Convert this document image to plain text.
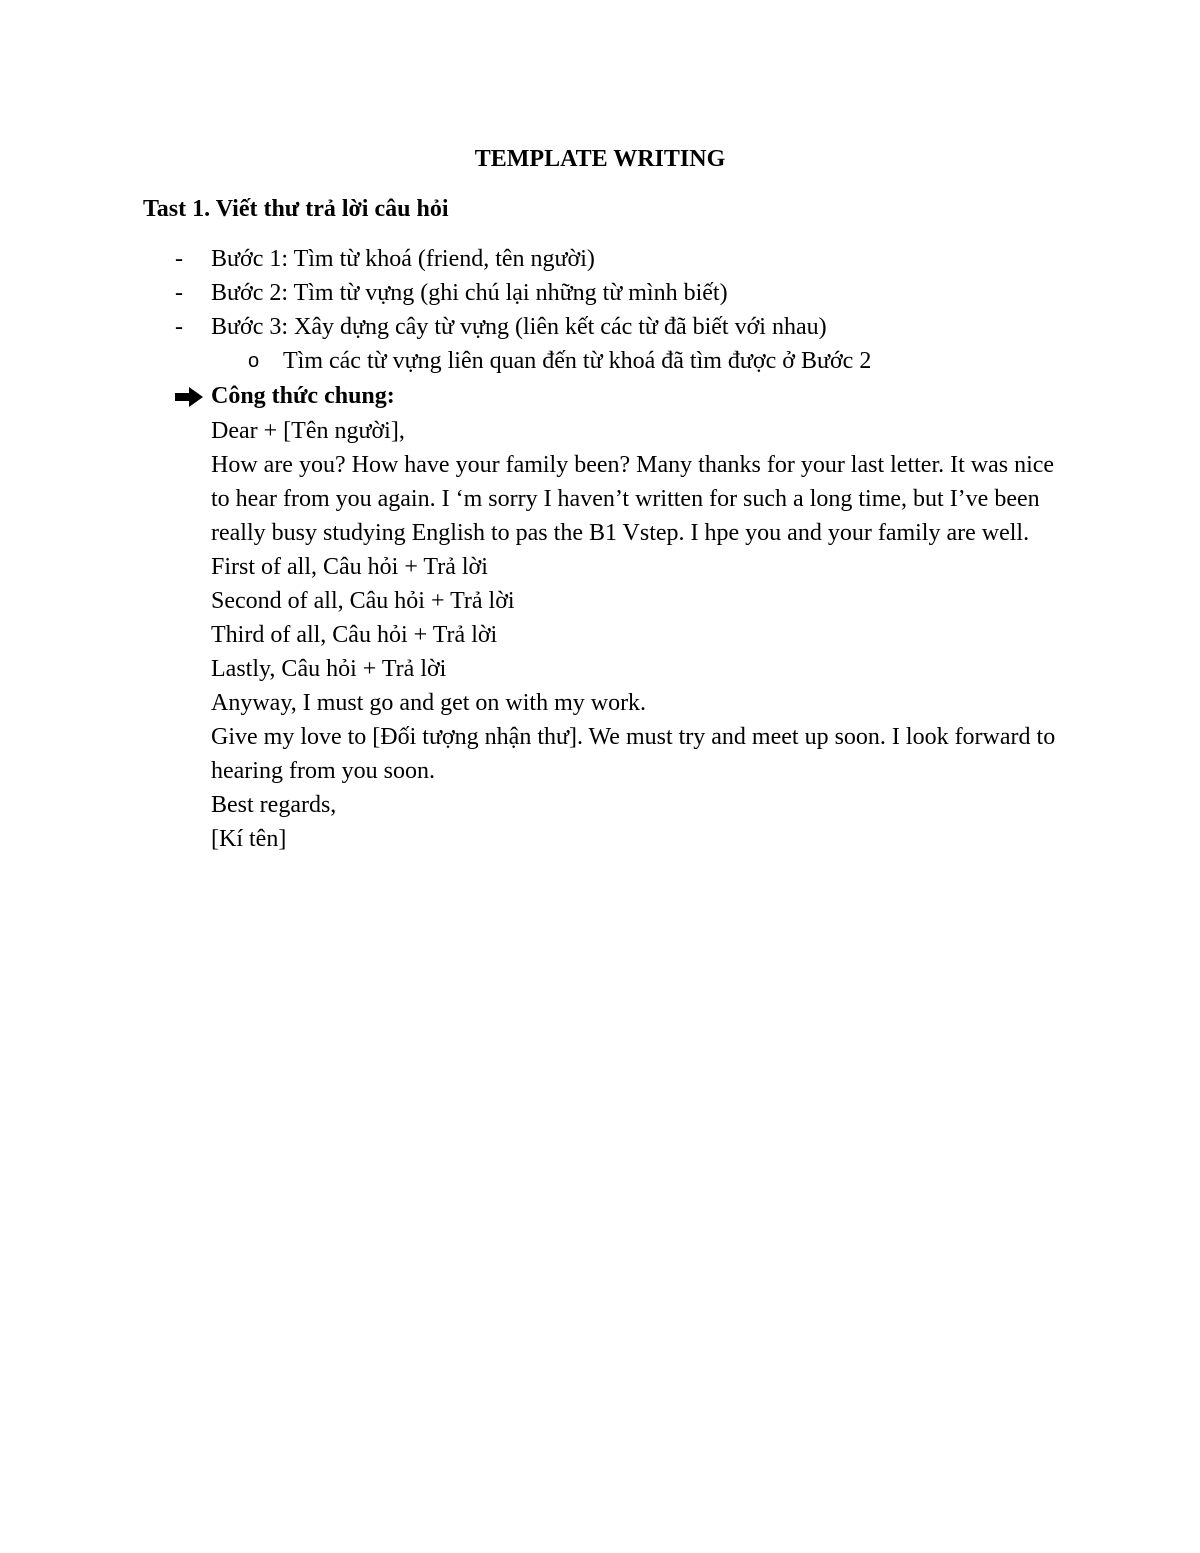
TEMPLATE WRITING
Tast 1. Viết thư trả lời câu hỏi
- Bước 1: Tìm từ khoá (friend, tên người)
- Bước 2: Tìm từ vựng (ghi chú lại những từ mình biết)
- Bước 3: Xây dựng cây từ vựng (liên kết các từ đã biết với nhau)
o Tìm các từ vựng liên quan đến từ khoá đã tìm được ở Bước 2
Công thức chung:
Dear + [Tên người],
How are you? How have your family been? Many thanks for your last letter. It was nice to hear from you again. I ‘m sorry I haven’t written for such a long time, but I’ve been really busy studying English to pas the B1 Vstep. I hpe you and your family are well.
First of all, Câu hỏi + Trả lời
Second of all, Câu hỏi + Trả lời
Third of all, Câu hỏi + Trả lời
Lastly, Câu hỏi + Trả lời
Anyway, I must go and get on with my work.
Give my love to [Đối tượng nhận thư]. We must try and meet up soon. I look forward to hearing from you soon.
Best regards,
[Kí tên]
